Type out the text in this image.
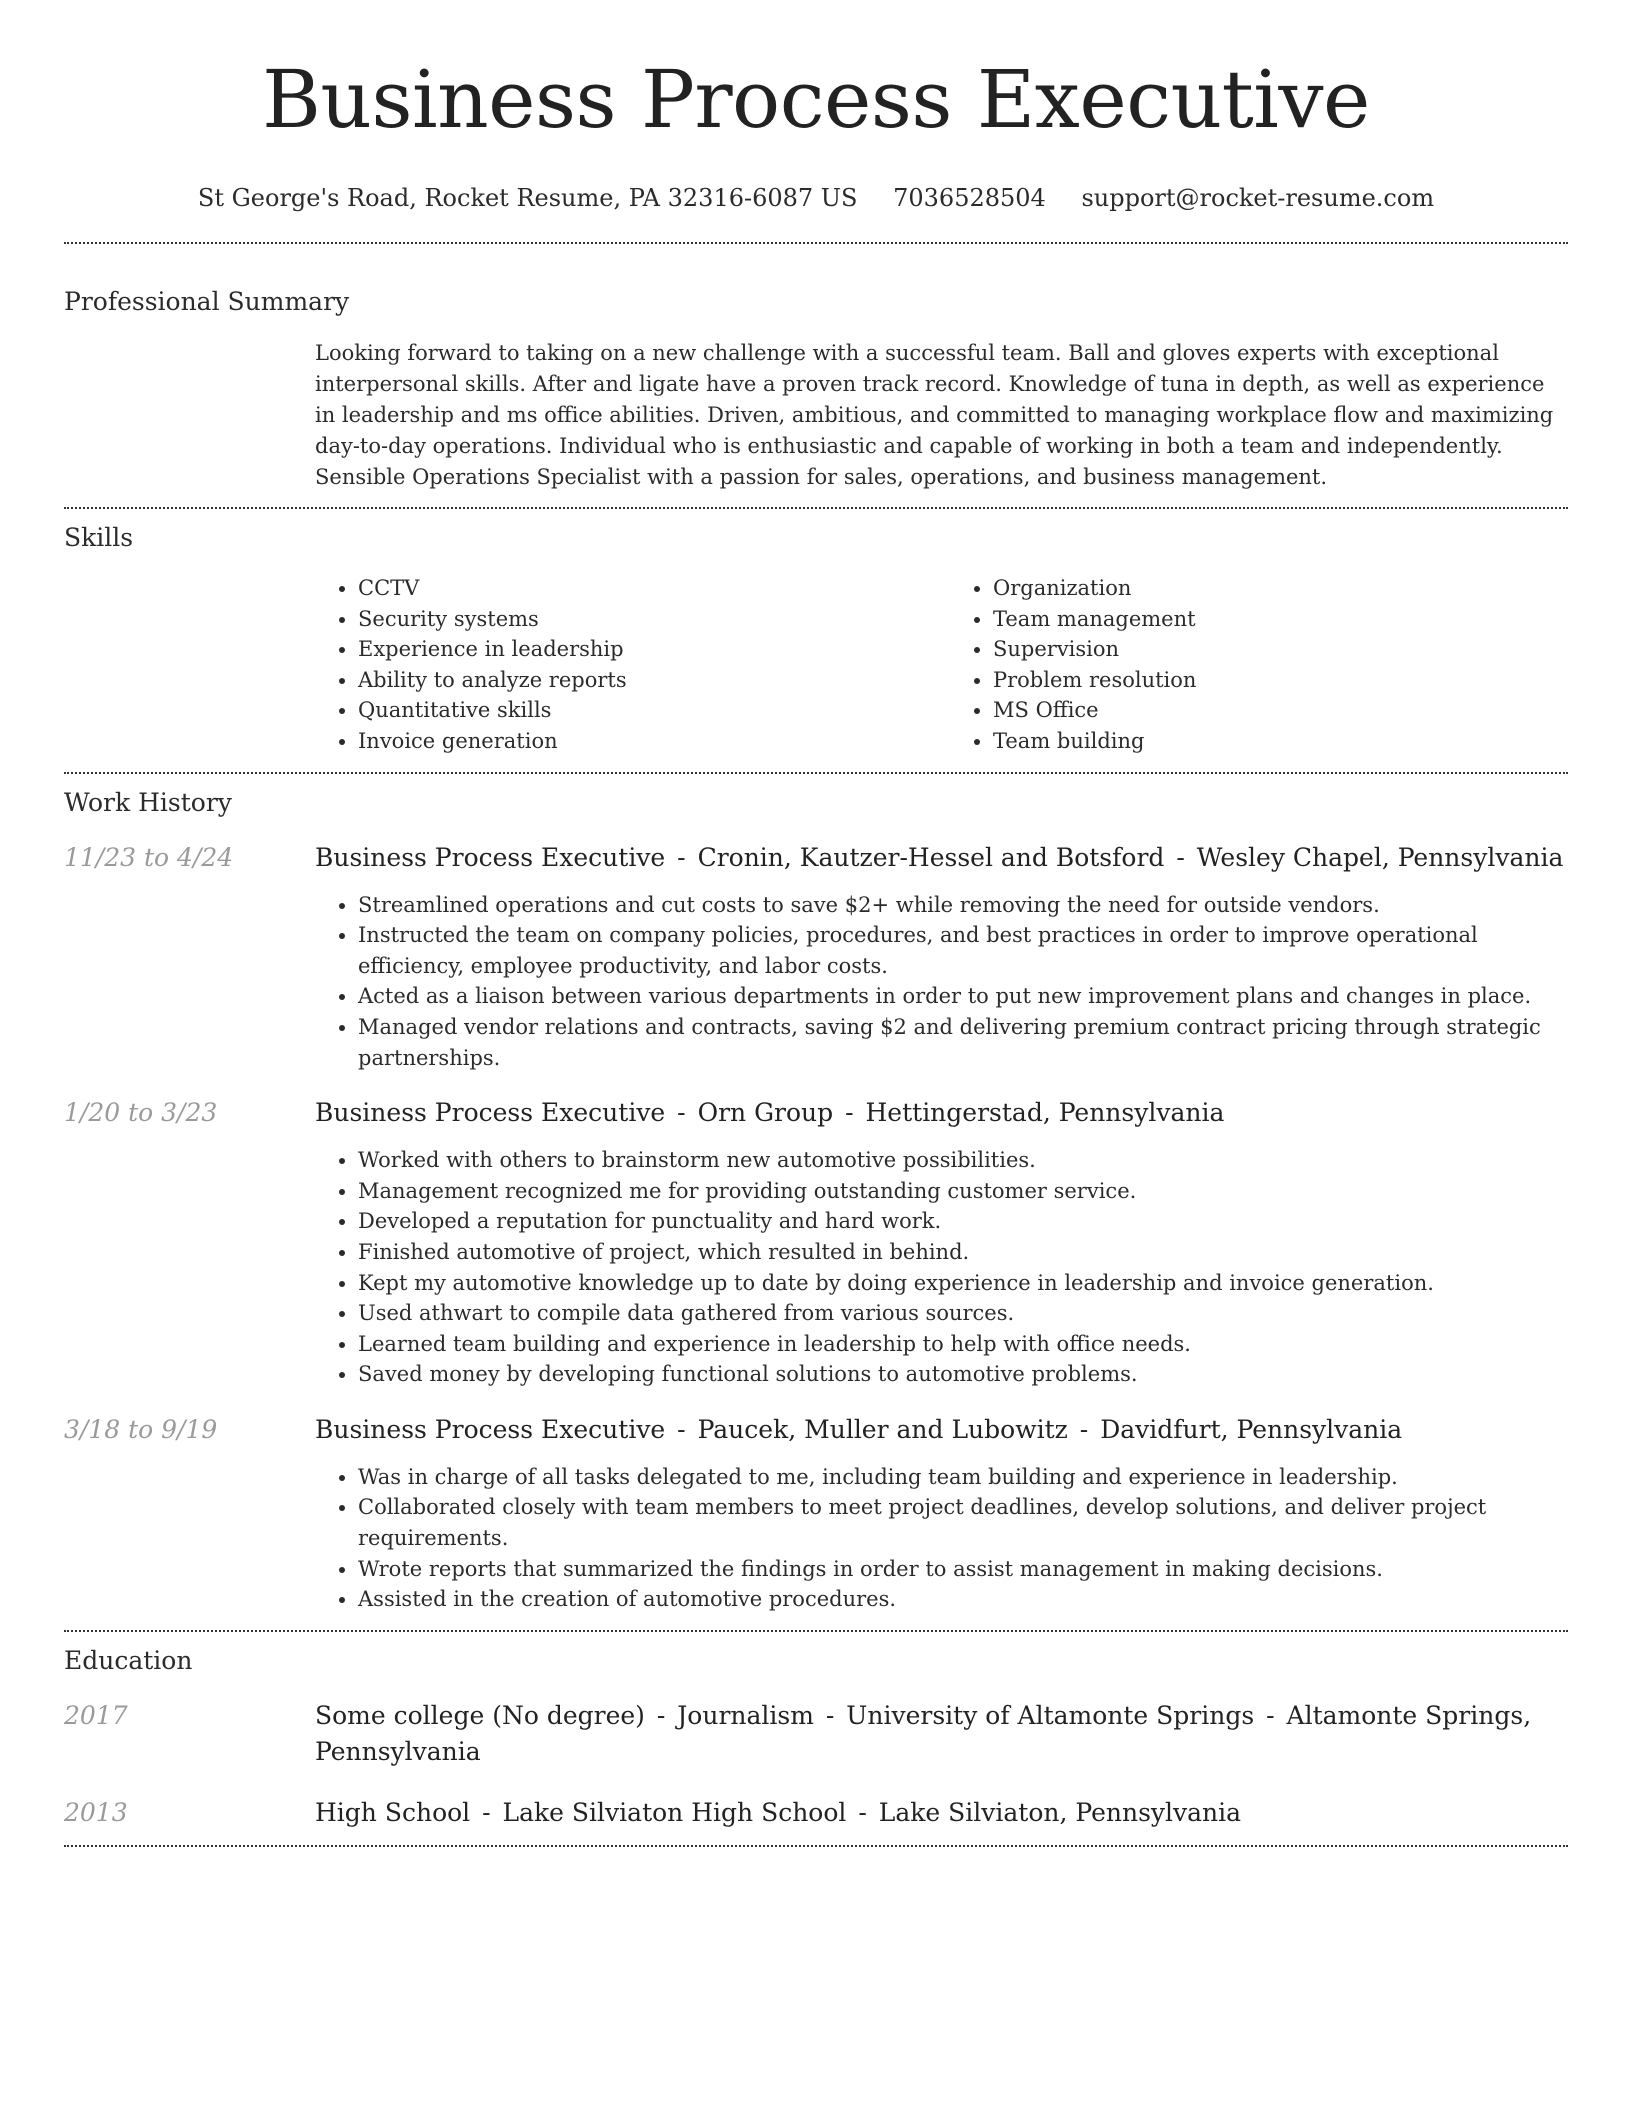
Business Process Executive
St George's Road, Rocket Resume, PA 32316-6087 US 7036528504 support@rocket-resume.com
Professional Summary

Looking forward to taking on a new challenge with a successful team. Ball and gloves experts with exceptional interpersonal skills. After and ligate have a proven track record. Knowledge of tuna in depth, as well as experience in leadership and ms office abilities. Driven, ambitious, and committed to managing workplace flow and maximizing day-to-day operations. Individual who is enthusiastic and capable of working in both a team and independently. Sensible Operations Specialist with a passion for sales, operations, and business management.

Skills
• CCTV
• Security systems
• Experience in leadership
• Ability to analyze reports
• Quantitative skills
• Invoice generation
• Organization
• Team management
• Supervision
• Problem resolution
• MS Office
• Team building
Work History
11/23 to 4/24	Business Process Executive - Cronin, Kautzer-Hessel and Botsford - Wesley Chapel, Pennsylvania
• Streamlined operations and cut costs to save $2+ while removing the need for outside vendors.
• Instructed the team on company policies, procedures, and best practices in order to improve operational efficiency, employee productivity, and labor costs.
• Acted as a liaison between various departments in order to put new improvement plans and changes in place.
• Managed vendor relations and contracts, saving $2 and delivering premium contract pricing through strategic partnerships.
1/20 to 3/23	Business Process Executive - Orn Group - Hettingerstad, Pennsylvania
• Worked with others to brainstorm new automotive possibilities.
• Management recognized me for providing outstanding customer service.
• Developed a reputation for punctuality and hard work.
• Finished automotive of project, which resulted in behind.
• Kept my automotive knowledge up to date by doing experience in leadership and invoice generation.
• Used athwart to compile data gathered from various sources.
• Learned team building and experience in leadership to help with office needs.
• Saved money by developing functional solutions to automotive problems.
3/18 to 9/19	Business Process Executive - Paucek, Muller and Lubowitz - Davidfurt, Pennsylvania
• Was in charge of all tasks delegated to me, including team building and experience in leadership.
• Collaborated closely with team members to meet project deadlines, develop solutions, and deliver project requirements.
• Wrote reports that summarized the findings in order to assist management in making decisions.
• Assisted in the creation of automotive procedures.
Education
2017	Some college (No degree) - Journalism - University of Altamonte Springs - Altamonte Springs, Pennsylvania
2013	High School - Lake Silviaton High School - Lake Silviaton, Pennsylvania
